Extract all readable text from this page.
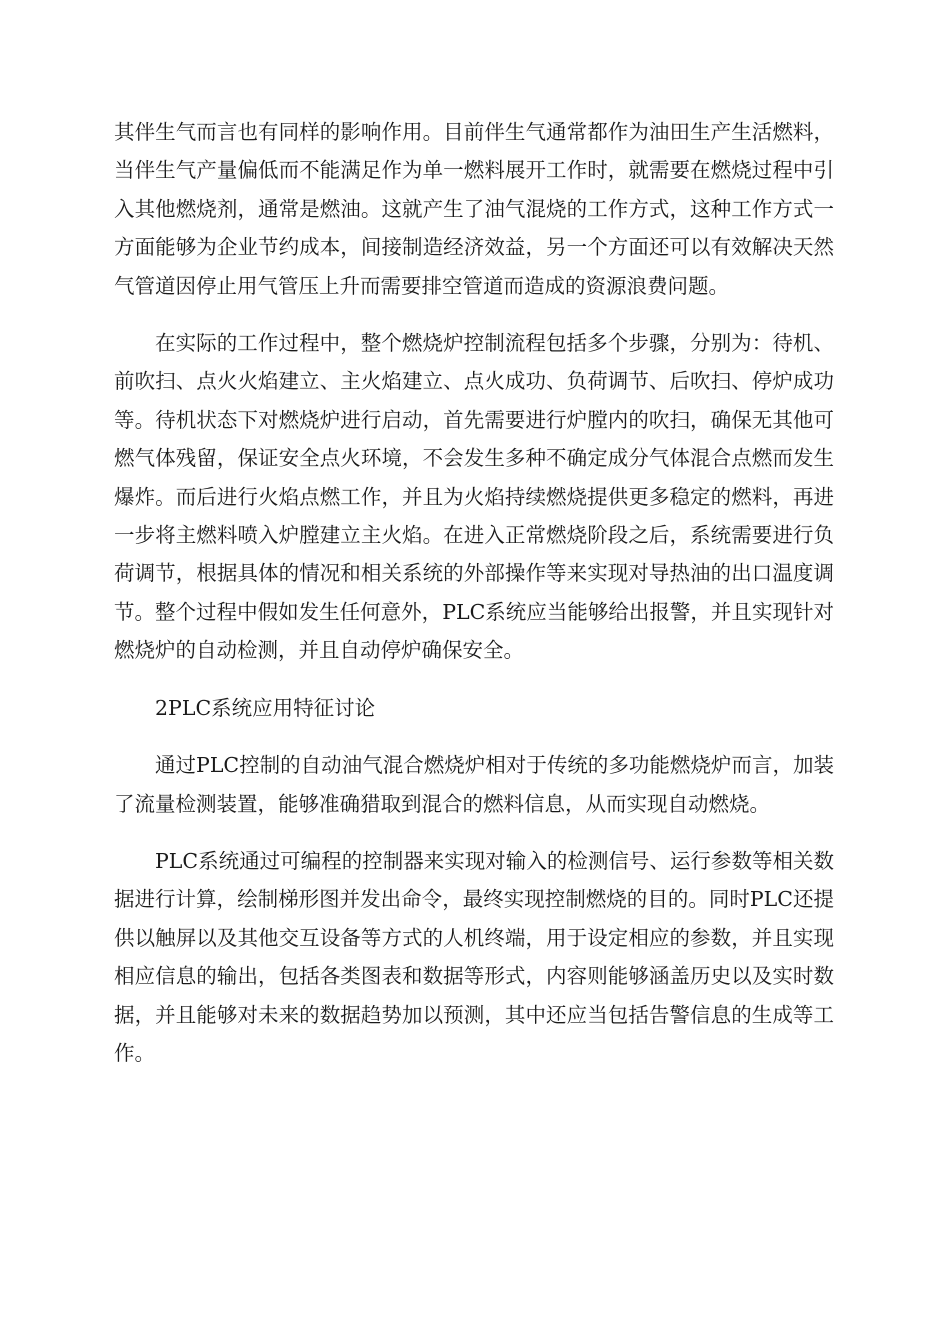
其伴生气而言也有同样的影响作用。目前伴生气通常都作为油田生产生活燃料，当伴生气产量偏低而不能满足作为单一燃料展开工作时，就需要在燃烧过程中引入其他燃烧剂，通常是燃油。这就产生了油气混烧的工作方式，这种工作方式一方面能够为企业节约成本，间接制造经济效益，另一个方面还可以有效解决天然气管道因停止用气管压上升而需要排空管道而造成的资源浪费问题。

在实际的工作过程中，整个燃烧炉控制流程包括多个步骤，分别为：待机、前吹扫、点火火焰建立、主火焰建立、点火成功、负荷调节、后吹扫、停炉成功等。待机状态下对燃烧炉进行启动，首先需要进行炉膛内的吹扫，确保无其他可燃气体残留，保证安全点火环境，不会发生多种不确定成分气体混合点燃而发生爆炸。而后进行火焰点燃工作，并且为火焰持续燃烧提供更多稳定的燃料，再进一步将主燃料喷入炉膛建立主火焰。在进入正常燃烧阶段之后，系统需要进行负荷调节，根据具体的情况和相关系统的外部操作等来实现对导热油的出口温度调节。整个过程中假如发生任何意外，PLC系统应当能够给出报警，并且实现针对燃烧炉的自动检测，并且自动停炉确保安全。

2PLC系统应用特征讨论

通过PLC控制的自动油气混合燃烧炉相对于传统的多功能燃烧炉而言，加装了流量检测装置，能够准确猎取到混合的燃料信息，从而实现自动燃烧。

PLC系统通过可编程的控制器来实现对输入的检测信号、运行参数等相关数据进行计算，绘制梯形图并发出命令，最终实现控制燃烧的目的。同时PLC还提供以触屏以及其他交互设备等方式的人机终端，用于设定相应的参数，并且实现相应信息的输出，包括各类图表和数据等形式，内容则能够涵盖历史以及实时数据，并且能够对未来的数据趋势加以预测，其中还应当包括告警信息的生成等工作。
